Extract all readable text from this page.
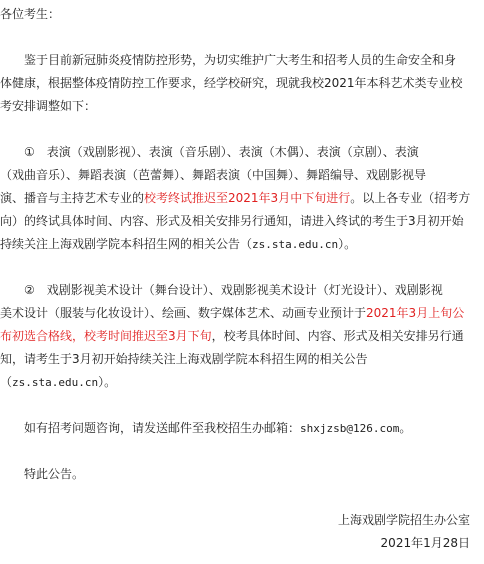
各位考生：
　　鉴于目前新冠肺炎疫情防控形势，为切实维护广大考生和招考人员的生命安全和身
体健康，根据整体疫情防控工作要求，经学校研究，现就我校2021年本科艺术类专业校
考安排调整如下：
　　①　表演（戏剧影视）、表演（音乐剧）、表演（木偶）、表演（京剧）、表演
（戏曲音乐）、舞蹈表演（芭蕾舞）、舞蹈表演（中国舞）、舞蹈编导、戏剧影视导
演、播音与主持艺术专业的校考终试推迟至2021年3月中下旬进行。以上各专业（招考方
向）的终试具体时间、内容、形式及相关安排另行通知，请进入终试的考生于3月初开始
持续关注上海戏剧学院本科招生网的相关公告（zs.sta.edu.cn）。
　　②　戏剧影视美术设计（舞台设计）、戏剧影视美术设计（灯光设计）、戏剧影视
美术设计（服装与化妆设计）、绘画、数字媒体艺术、动画专业预计于2021年3月上旬公
布初选合格线，校考时间推迟至3月下旬，校考具体时间、内容、形式及相关安排另行通
知，请考生于3月初开始持续关注上海戏剧学院本科招生网的相关公告
（zs.sta.edu.cn）。
　　如有招考问题咨询，请发送邮件至我校招生办邮箱：shxjzsb@126.com。
　　特此公告。
上海戏剧学院招生办公室
2021年1月28日
